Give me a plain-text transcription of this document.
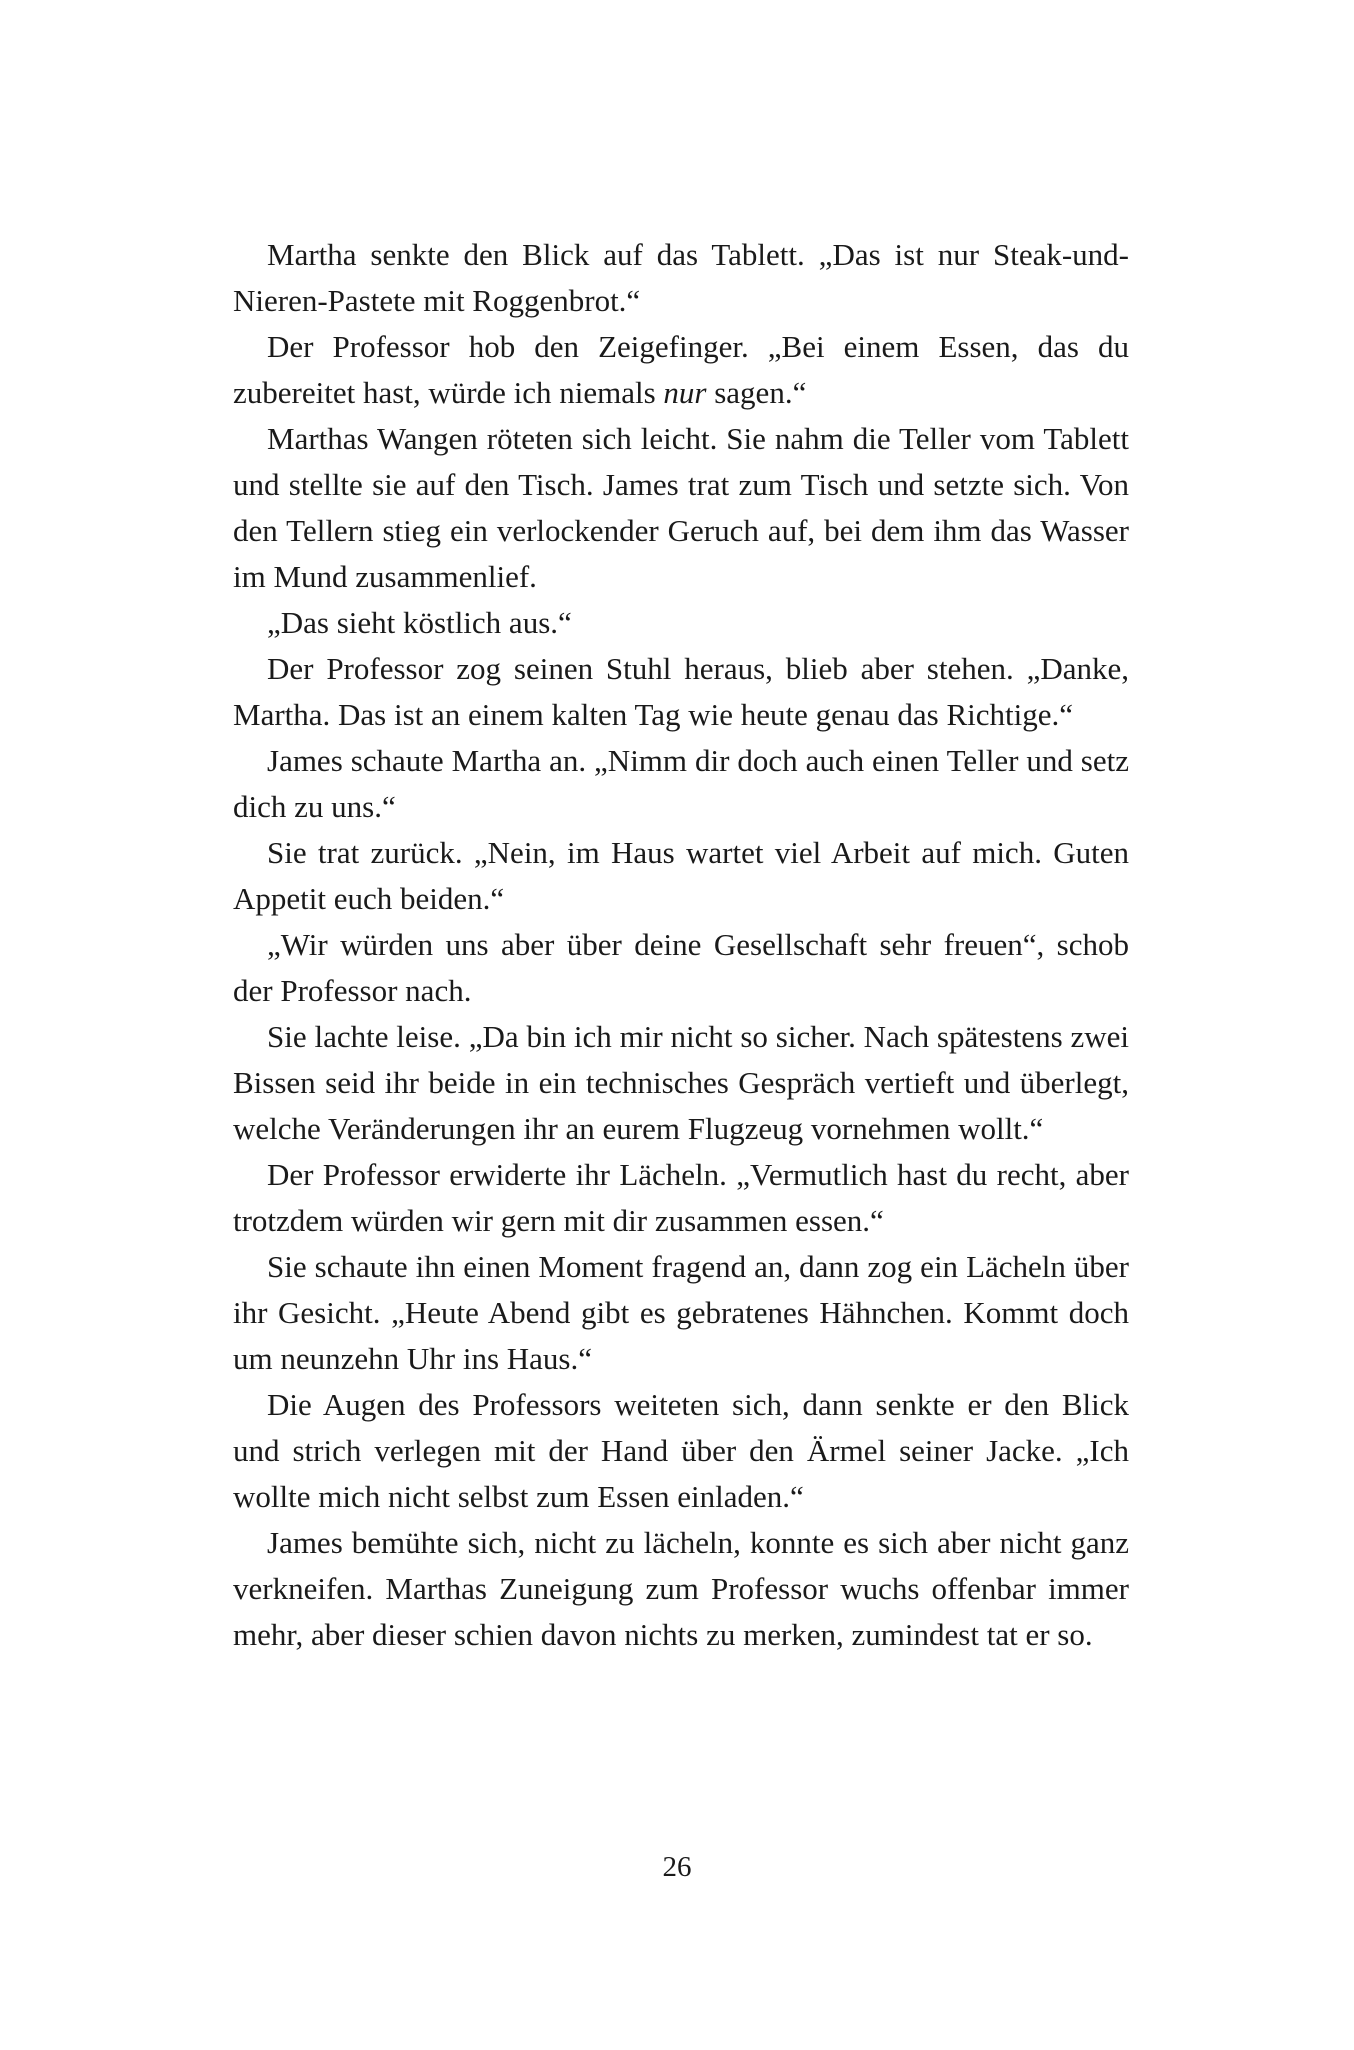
Martha senkte den Blick auf das Tablett. „Das ist nur Steak-und-Nieren-Pastete mit Roggenbrot.“

Der Professor hob den Zeigefinger. „Bei einem Essen, das du zubereitet hast, würde ich niemals nur sagen.“

Marthas Wangen röteten sich leicht. Sie nahm die Teller vom Tablett und stellte sie auf den Tisch. James trat zum Tisch und setzte sich. Von den Tellern stieg ein verlockender Geruch auf, bei dem ihm das Wasser im Mund zusammenlief.

„Das sieht köstlich aus.“

Der Professor zog seinen Stuhl heraus, blieb aber stehen. „Danke, Martha. Das ist an einem kalten Tag wie heute genau das Richtige.“

James schaute Martha an. „Nimm dir doch auch einen Teller und setz dich zu uns.“

Sie trat zurück. „Nein, im Haus wartet viel Arbeit auf mich. Guten Appetit euch beiden.“

„Wir würden uns aber über deine Gesellschaft sehr freuen“, schob der Professor nach.

Sie lachte leise. „Da bin ich mir nicht so sicher. Nach spätestens zwei Bissen seid ihr beide in ein technisches Gespräch vertieft und überlegt, welche Veränderungen ihr an eurem Flugzeug vornehmen wollt.“

Der Professor erwiderte ihr Lächeln. „Vermutlich hast du recht, aber trotzdem würden wir gern mit dir zusammen essen.“

Sie schaute ihn einen Moment fragend an, dann zog ein Lächeln über ihr Gesicht. „Heute Abend gibt es gebratenes Hähnchen. Kommt doch um neunzehn Uhr ins Haus.“

Die Augen des Professors weiteten sich, dann senkte er den Blick und strich verlegen mit der Hand über den Ärmel seiner Jacke. „Ich wollte mich nicht selbst zum Essen einladen.“

James bemühte sich, nicht zu lächeln, konnte es sich aber nicht ganz verkneifen. Marthas Zuneigung zum Professor wuchs offenbar immer mehr, aber dieser schien davon nichts zu merken, zumindest tat er so.

26
